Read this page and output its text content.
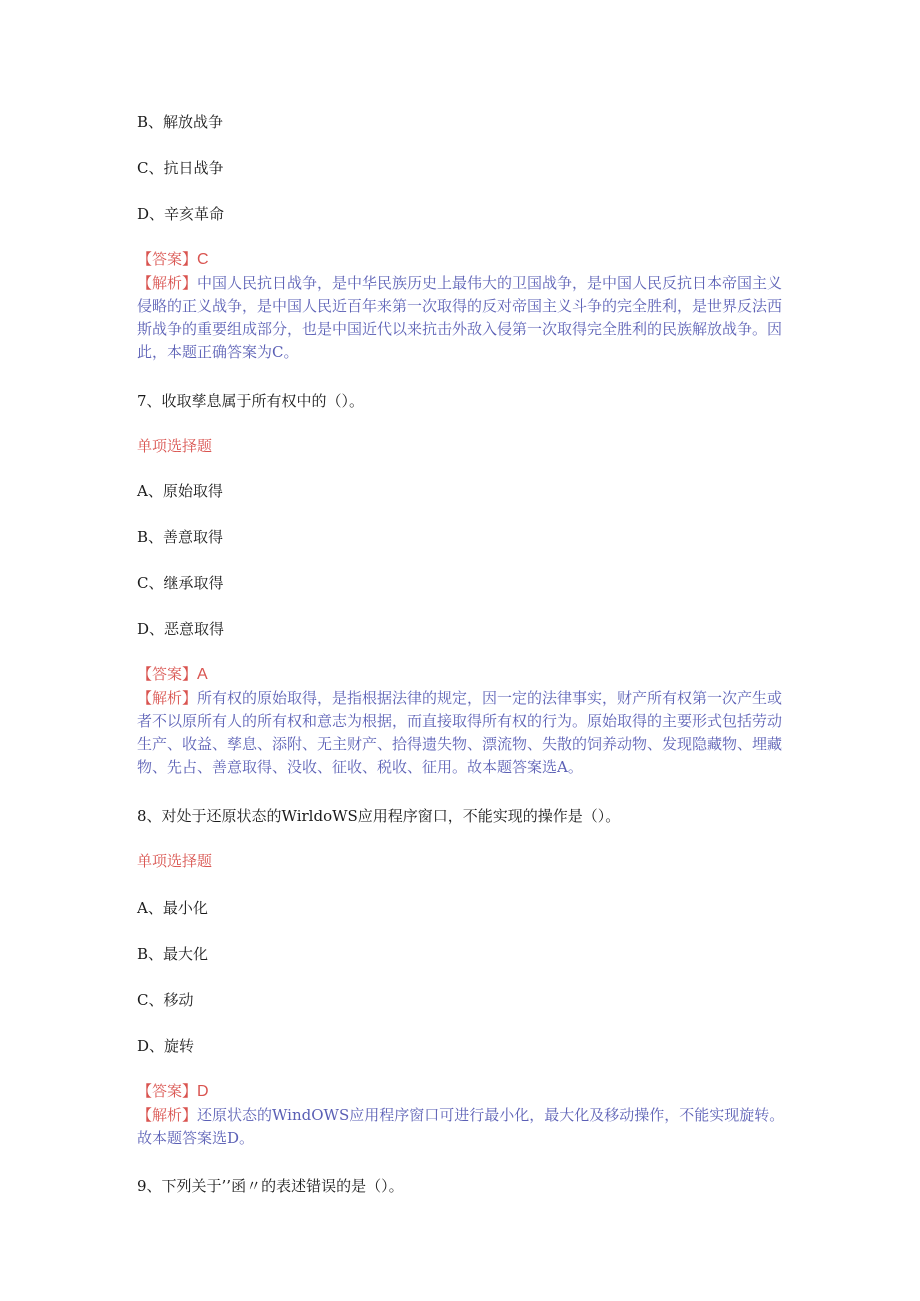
B、解放战争
C、抗日战争
D、辛亥革命
【答案】C
【解析】中国人民抗日战争，是中华民族历史上最伟大的卫国战争，是中国人民反抗日本帝国主义侵略的正义战争，是中国人民近百年来第一次取得的反对帝国主义斗争的完全胜利，是世界反法西斯战争的重要组成部分，也是中国近代以来抗击外敌入侵第一次取得完全胜利的民族解放战争。因此，本题正确答案为C。
7、收取孳息属于所有权中的（）。
单项选择题
A、原始取得
B、善意取得
C、继承取得
D、恶意取得
【答案】A
【解析】所有权的原始取得，是指根据法律的规定，因一定的法律事实，财产所有权第一次产生或者不以原所有人的所有权和意志为根据，而直接取得所有权的行为。原始取得的主要形式包括劳动生产、收益、孳息、添附、无主财产、拾得遗失物、漂流物、失散的饲养动物、发现隐藏物、埋藏物、先占、善意取得、没收、征收、税收、征用。故本题答案选A。
8、对处于还原状态的WirldoWS应用程序窗口，不能实现的操作是（）。
单项选择题
A、最小化
B、最大化
C、移动
D、旋转
【答案】D
【解析】还原状态的WindOWS应用程序窗口可进行最小化，最大化及移动操作，不能实现旋转。故本题答案选D。
9、下列关于’’函〃的表述错误的是（）。
